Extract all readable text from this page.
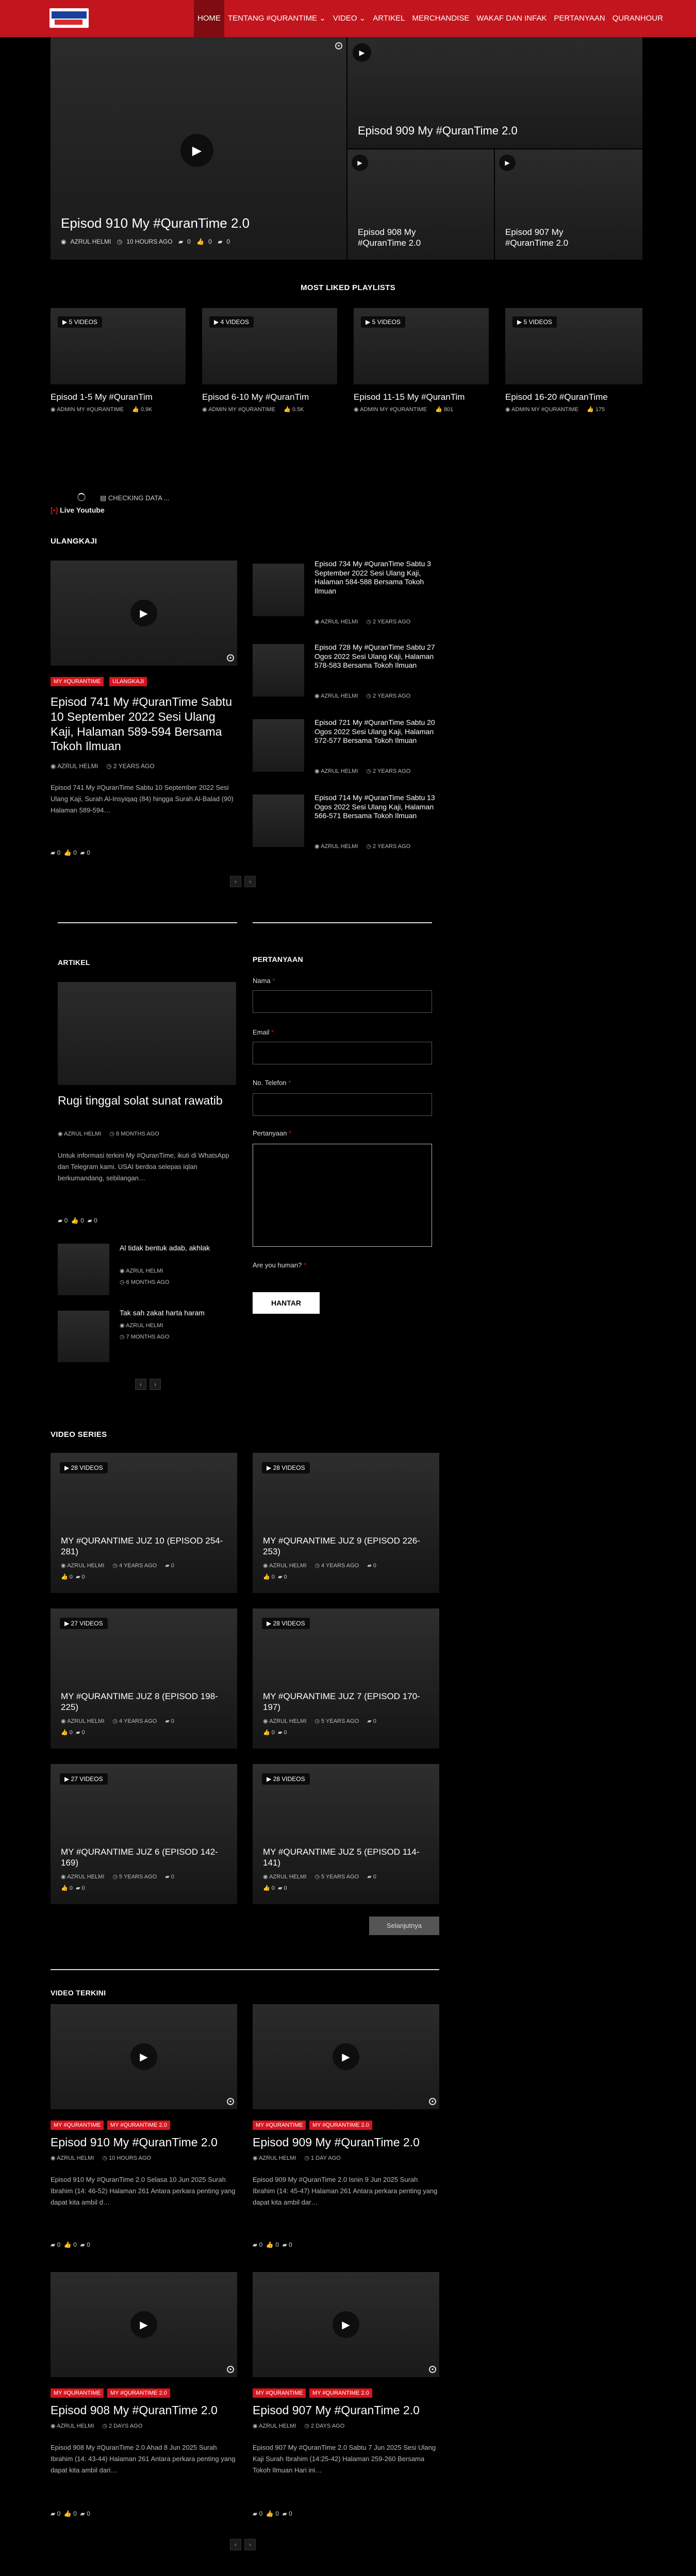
HOME TENTANG #QURANTIME ⌄ VIDEO ⌄ ARTIKEL MERCHANDISE WAKAF DAN INFAK PERTANYAAN QURANHOUR
●
▶
Episod 910 My #QuranTime 2.0
◉ AZRUL HELMI ◷ 10 HOURS AGO ▰ 0 👍 0 ▰ 0
▶
Episod 909 My #QuranTime 2.0
▶
Episod 908 My #QuranTime 2.0
▶
Episod 907 My #QuranTime 2.0
MOST LIKED PLAYLISTS
▶ 5 VIDEOS
Episod 1-5 My #QuranTim
◉ ADMIN MY #QURANTIME 👍 0.9K
▶ 4 VIDEOS
Episod 6-10 My #QuranTim
◉ ADMIN MY #QURANTIME 👍 0.5K
▶ 5 VIDEOS
Episod 11-15 My #QuranTim
◉ ADMIN MY #QURANTIME 👍 801
▶ 5 VIDEOS
Episod 16-20 #QuranTime
◉ ADMIN MY #QURANTIME 👍 175
[•] Live Youtube
▤ CHECKING DATA ...
ULANGKAJI
▶
●
MY #QURANTIME	ULANGKAJI
Episod 741 My #QuranTime Sabtu 10 September 2022 Sesi Ulang Kaji, Halaman 589-594 Bersama Tokoh Ilmuan
◉ AZRUL HELMI ◷ 2 YEARS AGO
Episod 741 My #QuranTime Sabtu 10 September 2022 Sesi Ulang Kaji, Surah Al-Insyiqaq (84) hingga Surah Al-Balad (90) Halaman 589-594…
▰ 0  👍 0  ▰ 0
Episod 734 My #QuranTime Sabtu 3 September 2022 Sesi Ulang Kaji, Halaman 584-588 Bersama Tokoh Ilmuan
◉ AZRUL HELMI ◷ 2 YEARS AGO
Episod 728 My #QuranTime Sabtu 27 Ogos 2022 Sesi Ulang Kaji, Halaman 578-583 Bersama Tokoh Ilmuan
◉ AZRUL HELMI ◷ 2 YEARS AGO
Episod 721 My #QuranTime Sabtu 20 Ogos 2022 Sesi Ulang Kaji, Halaman 572-577 Bersama Tokoh Ilmuan
◉ AZRUL HELMI ◷ 2 YEARS AGO
Episod 714 My #QuranTime Sabtu 13 Ogos 2022 Sesi Ulang Kaji, Halaman 566-571 Bersama Tokoh Ilmuan
◉ AZRUL HELMI ◷ 2 YEARS AGO
‹	›
ARTIKEL
Rugi tinggal solat sunat rawatib
◉ AZRUL HELMI ◷ 8 MONTHS AGO
Untuk informasi terkini My #QuranTime, ikuti di WhatsApp dan Telegram kami. USAI berdoa selepas iqlan berkumandang, sebilangan…
▰ 0  👍 0  ▰ 0
Al tidak bentuk adab, akhlak
◉ AZRUL HELMI
◷ 6 MONTHS AGO
Tak sah zakat harta haram
◉ AZRUL HELMI
◷ 7 MONTHS AGO
‹	›
PERTANYAAN
Nama *
Email *
No. Telefon *
Pertanyaan *
Are you human? *
HANTAR
VIDEO SERIES
▶ 28 VIDEOS
MY #QURANTIME JUZ 10 (EPISOD 254-281)
◉ AZRUL HELMI ◷ 4 YEARS AGO ▰ 0
👍 0  ▰ 0
▶ 28 VIDEOS
MY #QURANTIME JUZ 9 (EPISOD 226-253)
◉ AZRUL HELMI ◷ 4 YEARS AGO ▰ 0
👍 0  ▰ 0
▶ 27 VIDEOS
MY #QURANTIME JUZ 8 (EPISOD 198-225)
◉ AZRUL HELMI ◷ 4 YEARS AGO ▰ 0
👍 0  ▰ 0
▶ 28 VIDEOS
MY #QURANTIME JUZ 7 (EPISOD 170-197)
◉ AZRUL HELMI ◷ 5 YEARS AGO ▰ 0
👍 0  ▰ 0
▶ 27 VIDEOS
MY #QURANTIME JUZ 6 (EPISOD 142-169)
◉ AZRUL HELMI ◷ 5 YEARS AGO ▰ 0
👍 0  ▰ 0
▶ 28 VIDEOS
MY #QURANTIME JUZ 5 (EPISOD 114-141)
◉ AZRUL HELMI ◷ 5 YEARS AGO ▰ 0
👍 0  ▰ 0
Selanjutnya
VIDEO TERKINI
▶
●
MY #QURANTIME	MY #QURANTIME 2.0
Episod 910 My #QuranTime 2.0
◉ AZRUL HELMI ◷ 10 HOURS AGO
Episod 910 My #QuranTime 2.0 Selasa 10 Jun 2025 Surah Ibrahim (14: 46-52) Halaman 261 Antara perkara penting yang dapat kita ambil d…
▰ 0  👍 0  ▰ 0
▶
●
MY #QURANTIME	MY #QURANTIME 2.0
Episod 909 My #QuranTime 2.0
◉ AZRUL HELMI ◷ 1 DAY AGO
Episod 909 My #QuranTime 2.0 Isnin 9 Jun 2025 Surah Ibrahim (14: 45-47) Halaman 261 Antara perkara penting yang dapat kita ambil dar…
▰ 0  👍 0  ▰ 0
▶
●
MY #QURANTIME	MY #QURANTIME 2.0
Episod 908 My #QuranTime 2.0
◉ AZRUL HELMI ◷ 2 DAYS AGO
Episod 908 My #QuranTime 2.0 Ahad 8 Jun 2025 Surah Ibrahim (14: 43-44) Halaman 261 Antara perkara penting yang dapat kita ambil dari…
▰ 0  👍 0  ▰ 0
▶
●
MY #QURANTIME	MY #QURANTIME 2.0
Episod 907 My #QuranTime 2.0
◉ AZRUL HELMI ◷ 2 DAYS AGO
Episod 907 My #QuranTime 2.0 Sabtu 7 Jun 2025 Sesi Ulang Kaji Surah Ibrahim (14:25-42) Halaman 259-260 Bersama Tokoh Ilmuan Hari ini…
▰ 0  👍 0  ▰ 0
‹	›
